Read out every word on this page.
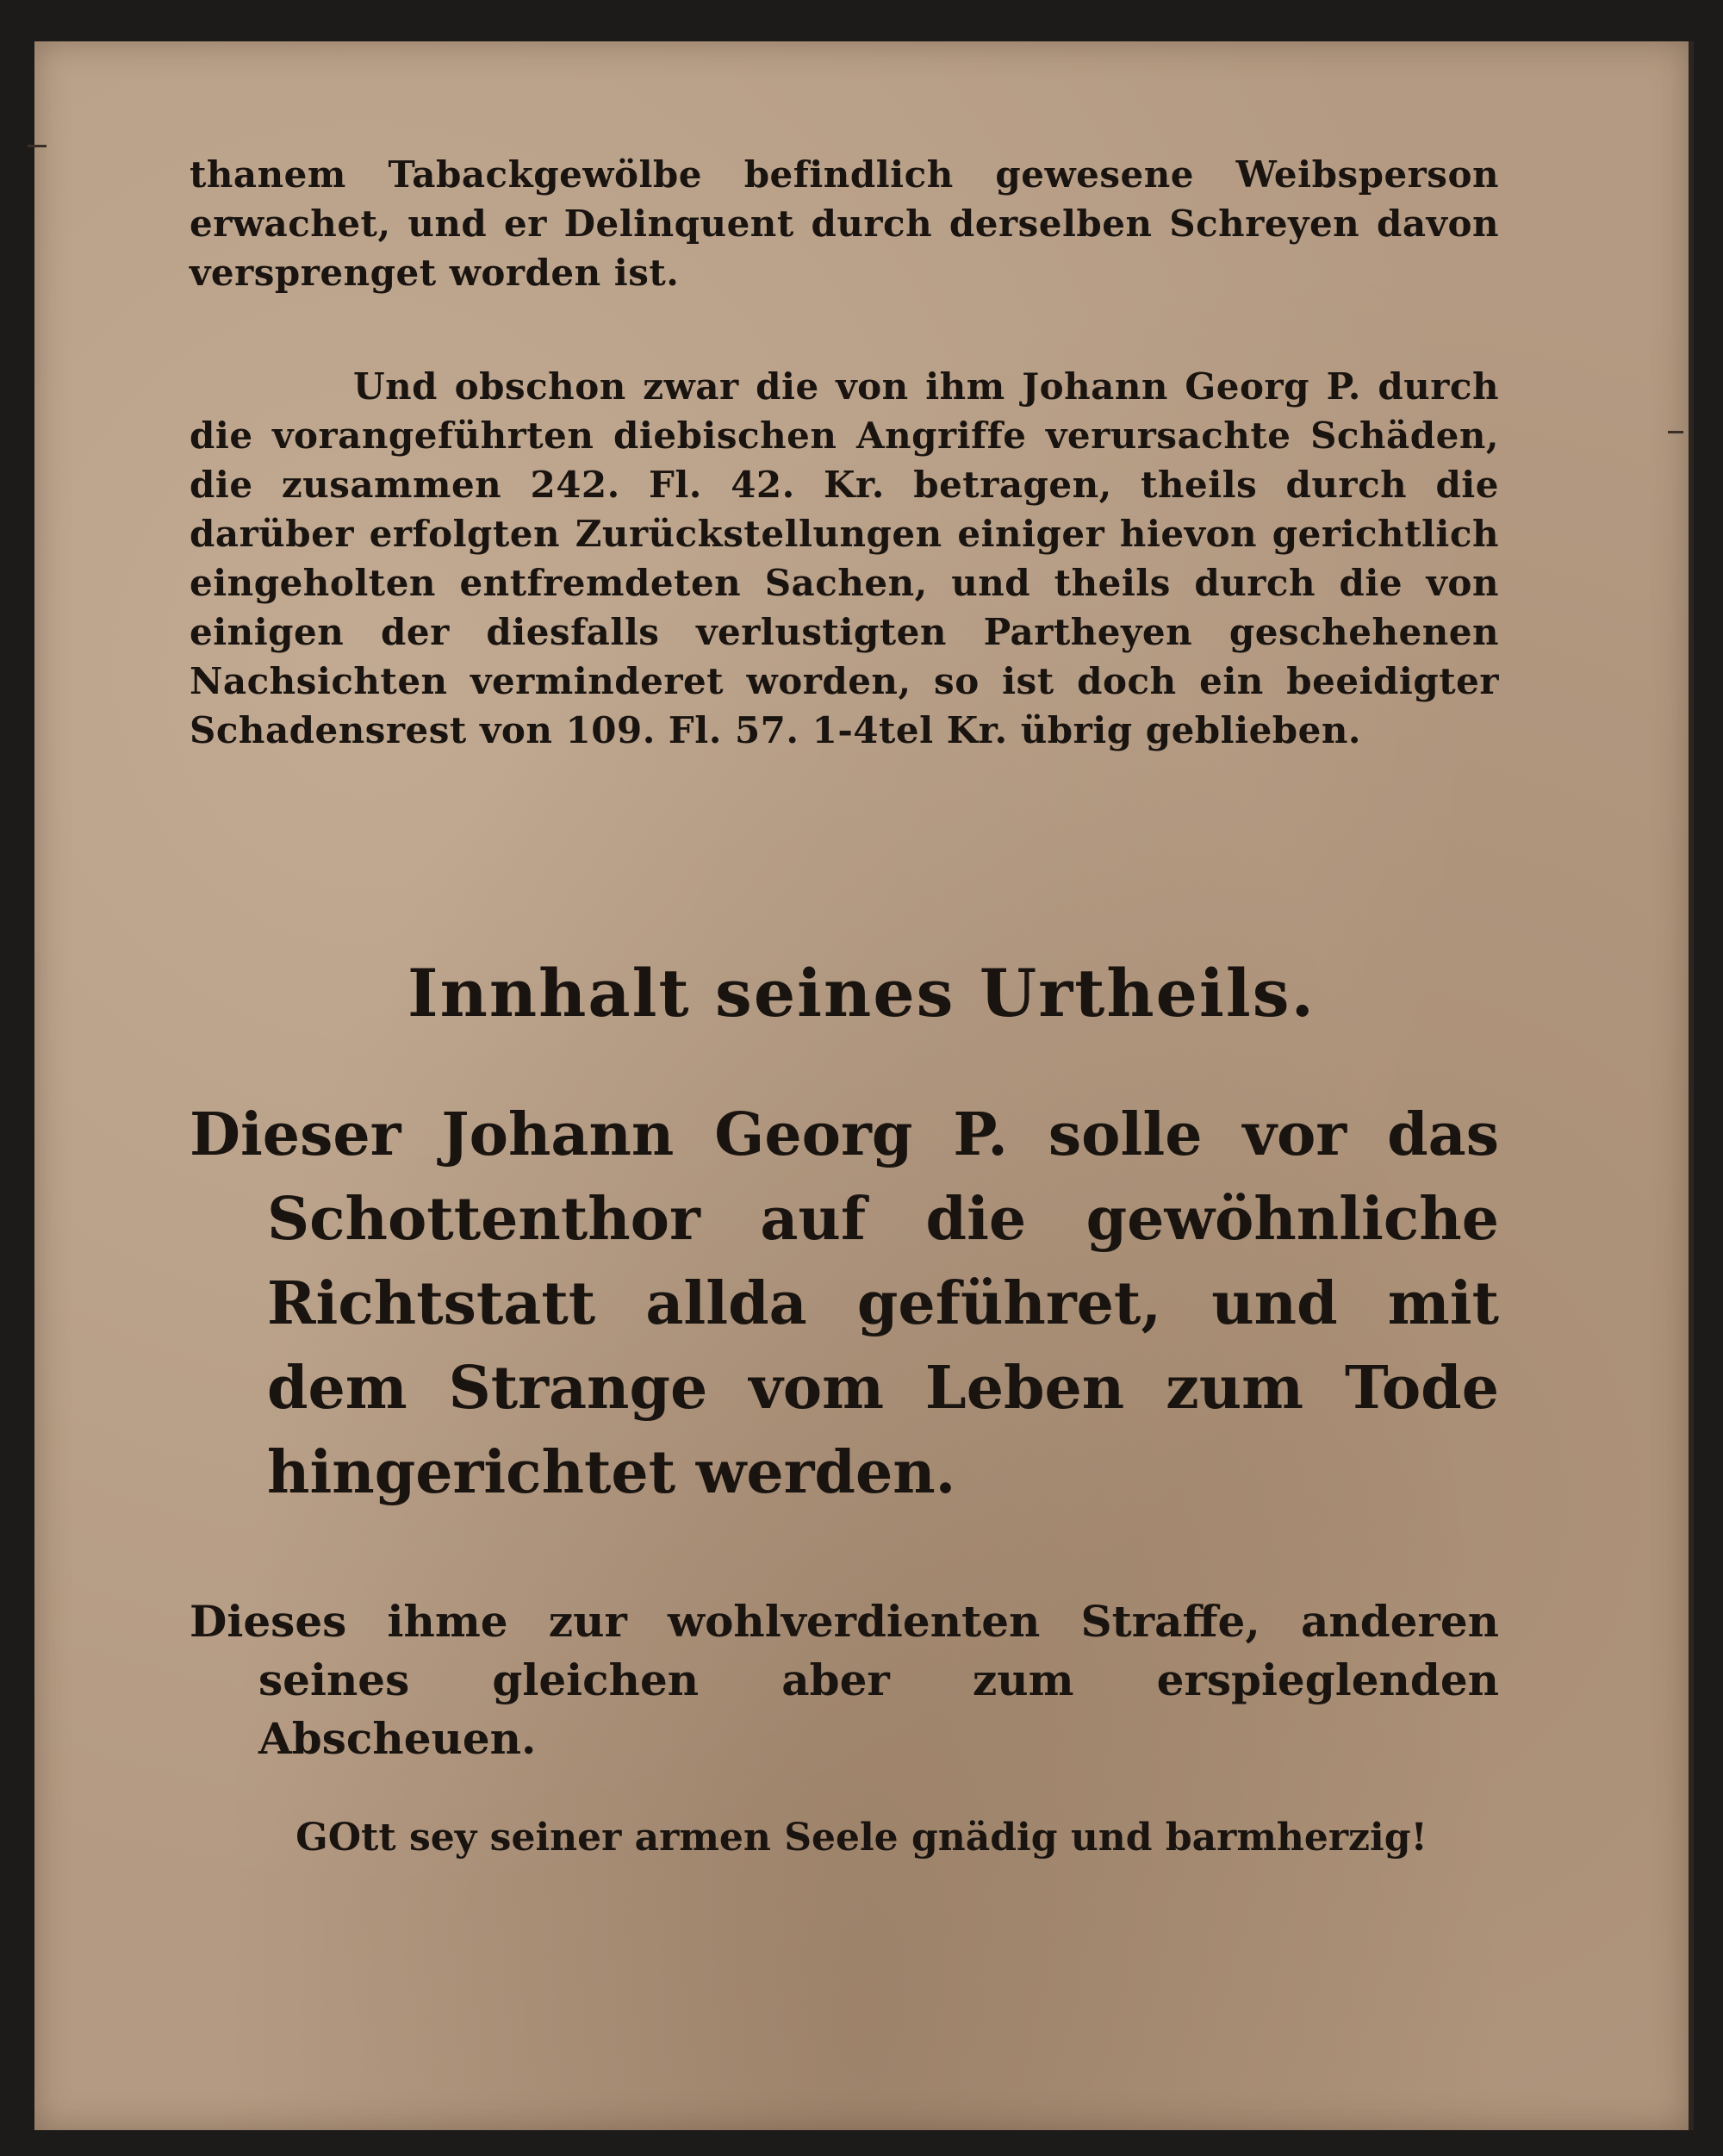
thanem Tabackgewölbe befindlich gewesene Weibsperson erwachet, und er Delinquent durch derselben Schreyen davon versprenget worden ist.
Und obschon zwar die von ihm Johann Georg P. durch die vorangeführten diebischen Angriffe verursachte Schäden, die zusammen 242. Fl. 42. Kr. betragen, theils durch die darüber erfolgten Zurückstellungen einiger hievon gerichtlich eingeholten entfremdeten Sachen, und theils durch die von einigen der diesfalls verlustigten Partheyen geschehenen Nachsichten verminderet worden, so ist doch ein beeidigter Schadensrest von 109. Fl. 57. 1-4tel Kr. übrig geblieben.
Innhalt seines Urtheils.
Dieser Johann Georg P. solle vor das Schottenthor auf die gewöhnliche Richtstatt allda geführet, und mit dem Strange vom Leben zum Tode hingerichtet werden.
Dieses ihme zur wohlverdienten Straffe, anderen seines gleichen aber zum erspieglenden Abscheuen.
GOtt sey seiner armen Seele gnädig und barmherzig!
